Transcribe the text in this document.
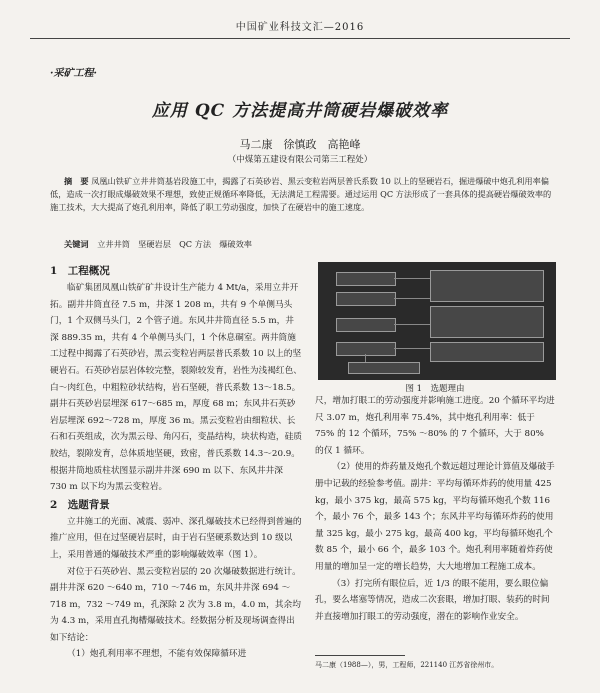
中国矿业科技文汇—2016
·采矿工程·
应用 QC 方法提高井筒硬岩爆破效率
马二康　徐慎政　高艳峰
（中煤第五建设有限公司第三工程处）
摘　要 凤凰山铁矿立井井筒基岩段施工中，揭露了石英砂岩、黑云变粒岩两层普氏系数 10 以上的坚硬岩石，掘进爆破中炮孔利用率偏低，造成一次打眼成爆破效果不理想，致使正规循环率降低，无法满足工程需要。通过运用 QC 方法形成了一套具体的提高硬岩爆破效率的施工技术，大大提高了炮孔利用率，降低了职工劳动强度，加快了在硬岩中的施工速度。
关键词 立井井筒　坚硬岩层　QC 方法　爆破效率
1　工程概况

临矿集团凤凰山铁矿矿井设计生产能力 4 Mt/a，采用立井开拓。副井井筒直径 7.5 m，井深 1 208 m，共有 9 个单侧马头门，1 个双侧马头门，2 个管子道。东风井井筒直径 5.5 m，井深 889.35 m，共有 4 个单侧马头门，1 个休息硐室。两井筒施工过程中揭露了石英砂岩，黑云变粒岩两层普氏系数 10 以上的坚硬岩石。石英砂岩层岩体较完整，裂隙较发育，岩性为浅褐红色、白～肉红色，中粗粒砂状结构，岩石坚硬，普氏系数 13～18.5。副井石英砂岩层埋深 617～685 m，厚度 68 m；东风井石英砂岩层埋深 692～728 m，厚度 36 m。黑云变粒岩由细粒状、长石和石英组成，次为黑云母、角闪石，变晶结构，块状构造，硅质胶结，裂隙发育，总体质地坚硬，致密，普氏系数 14.3～20.9。根据井筒地质柱状图显示副井井深 690 m 以下、东风井井深 730 m 以下均为黑云变粒岩。

2　选题背景

立井施工的光面、减震、弱冲、深孔爆破技术已经得到普遍的推广应用，但在过坚硬岩层时，由于岩石坚硬系数达到 10 级以上，采用普通的爆破技术严重的影响爆破效率（图 1）。

对位于石英砂岩、黑云变粒岩层的 20 次爆破数据进行统计。副井井深 620 ～640 m，710 ～746 m，东风井井深 694 ～718 m，732 ～749 m，孔深除 2 次为 3.8 m，4.0 m，其余均为 4.3 m，采用直孔掏槽爆破技术。经数据分析及现场调查得出如下结论：

（1）炮孔利用率不理想，不能有效保障循环进

图 1　选题理由

尺，增加打眼工的劳动强度并影响施工进度。20 个循环平均进尺 3.07 m，炮孔利用率 75.4%，其中炮孔利用率：低于 75% 的 12 个循环，75% ～80% 的 7 个循环，大于 80% 的仅 1 循环。

（2）使用的炸药量及炮孔个数远超过理论计算值及爆破手册中记载的经验参考值。副井：平均每循环炸药的使用量 425 kg，最小 375 kg，最高 575 kg，平均每循环炮孔个数 116 个，最小 76 个，最多 143 个；东风井平均每循环炸药的使用量 325 kg，最小 275 kg，最高 400 kg，平均每循环炮孔个数 85 个，最小 66 个，最多 103 个。炮孔利用率随着炸药使用量的增加呈一定的增长趋势，大大地增加工程施工成本。

（3）打完所有眼位后，近 1/3 的眼不能用，要么眼位偏孔，要么堵塞等情况，造成二次套眼，增加打眼、装药的时间并直接增加打眼工的劳动强度，潜在的影响作业安全。

马二康（1988—），男，工程师，221140 江苏省徐州市。
